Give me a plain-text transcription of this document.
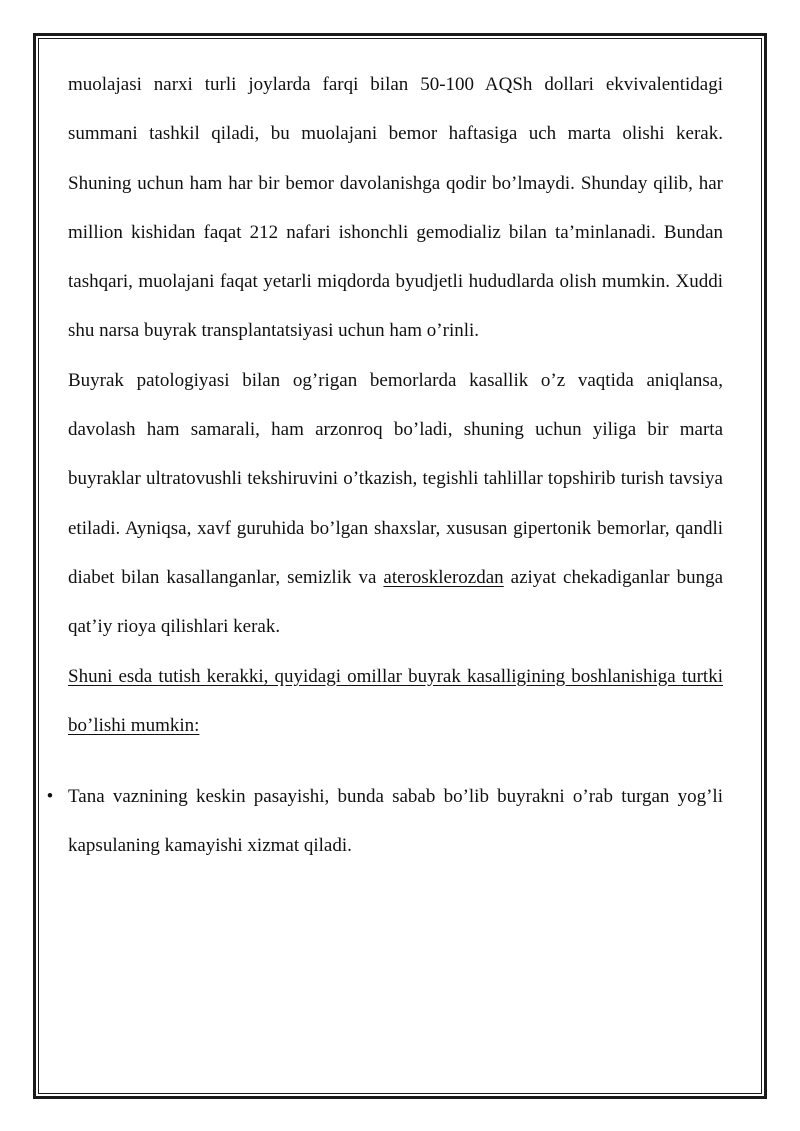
muolajasi narxi turli joylarda farqi bilan 50-100 AQSh dollari ekvivalentidagi summani tashkil qiladi, bu muolajani bemor haftasiga uch marta olishi kerak. Shuning uchun ham har bir bemor davolanishga qodir bo’lmaydi. Shunday qilib, har million kishidan faqat 212 nafari ishonchli gemodializ bilan ta’minlanadi. Bundan tashqari, muolajani faqat yetarli miqdorda byudjetli hududlarda olish mumkin. Xuddi shu narsa buyrak transplantatsiyasi uchun ham o’rinli.

Buyrak patologiyasi bilan og’rigan bemorlarda kasallik o’z vaqtida aniqlansa, davolash ham samarali, ham arzonroq bo’ladi, shuning uchun yiliga bir marta buyraklar ultratovushli tekshiruvini o’tkazish, tegishli tahlillar topshirib turish tavsiya etiladi. Ayniqsa, xavf guruhida bo’lgan shaxslar, xususan gipertonik bemorlar, qandli diabet bilan kasallanganlar, semizlik va aterosklerozdan aziyat chekadiganlar bunga qat’iy rioya qilishlari kerak.

Shuni esda tutish kerakki, quyidagi omillar buyrak kasalligining boshlanishiga turtki bo’lishi mumkin:

• Tana vaznining keskin pasayishi, bunda sabab bo’lib buyrakni o’rab turgan yog’li kapsulaning kamayishi xizmat qiladi.
